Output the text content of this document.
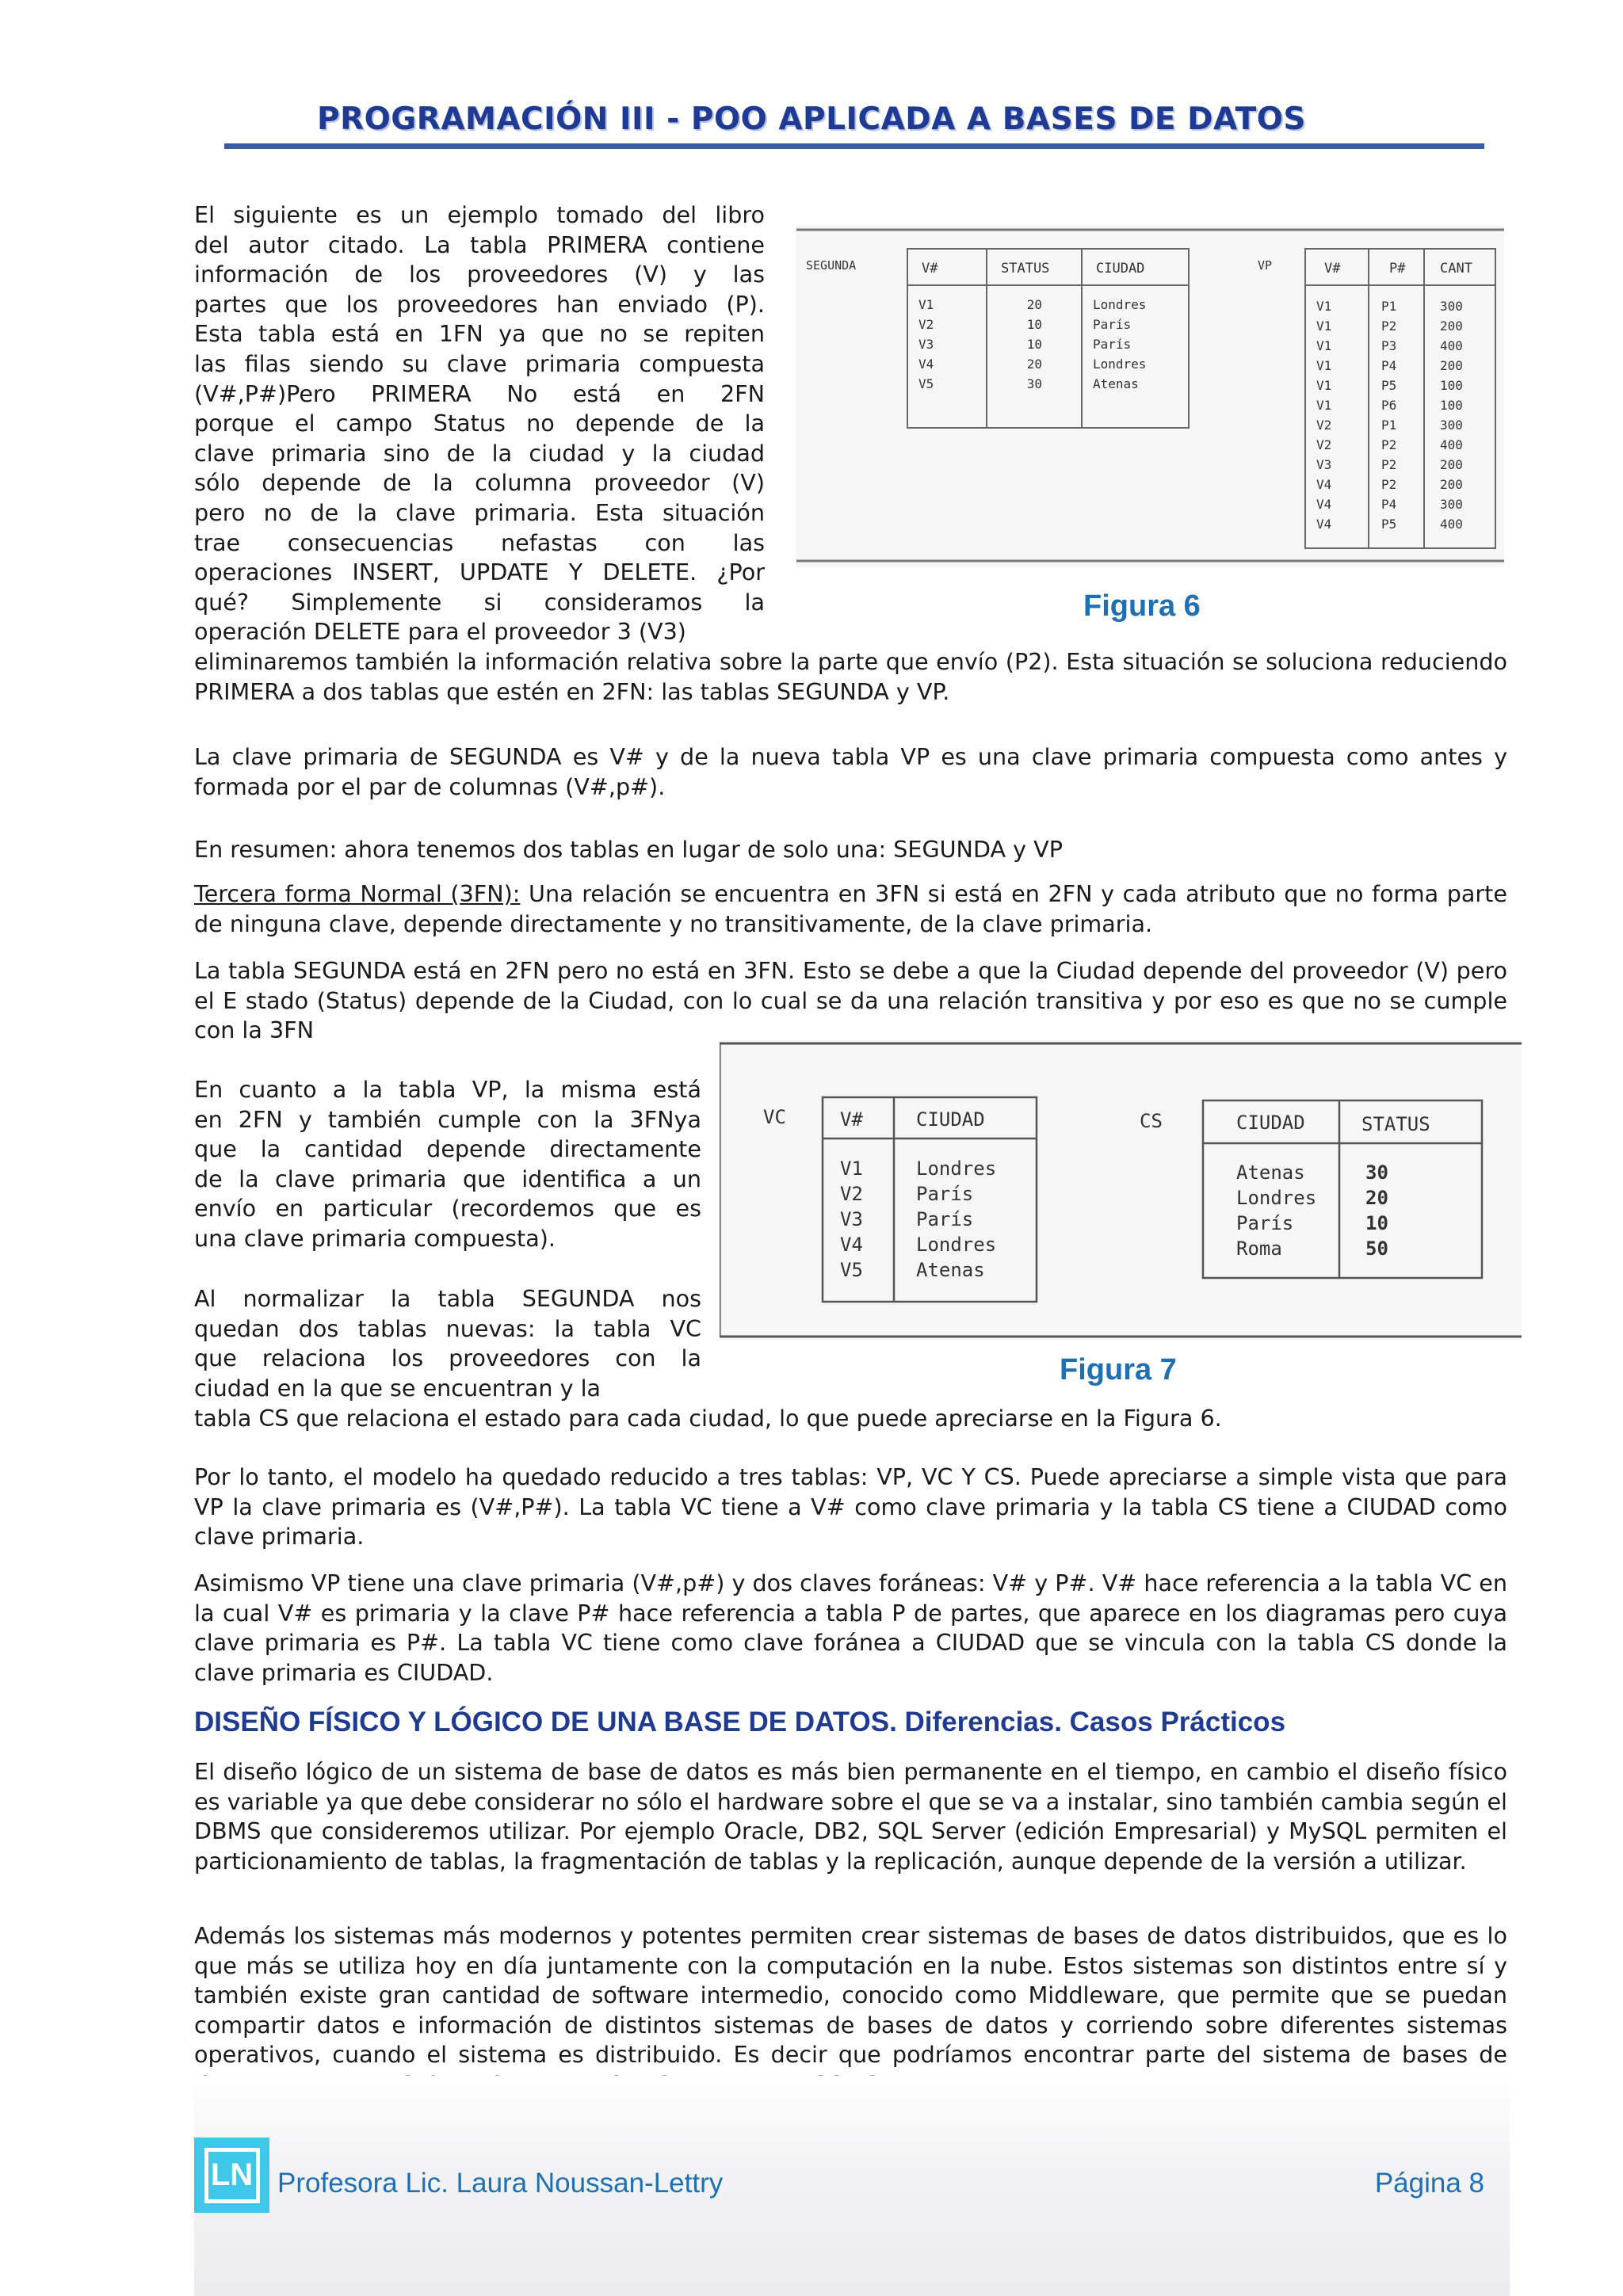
PROGRAMACIÓN III - POO APLICADA A BASES DE DATOS
El siguiente es un ejemplo tomado del libro
del autor citado. La tabla PRIMERA contiene
información de los proveedores (V) y las
partes que los proveedores han enviado (P).
Esta tabla está en 1FN ya que no se repiten
las filas siendo su clave primaria compuesta
(V#,P#)Pero PRIMERA No está en 2FN
porque el campo Status no depende de la
clave primaria sino de la ciudad y la ciudad
sólo depende de la columna proveedor (V)
pero no de la clave primaria. Esta situación
trae consecuencias nefastas con las
operaciones INSERT, UPDATE Y DELETE. ¿Por
qué? Simplemente si consideramos la
operación DELETE para el proveedor 3 (V3)
eliminaremos también la información relativa sobre la parte que envío (P2). Esta situación se soluciona reduciendo PRIMERA a dos tablas que estén en 2FN: las tablas SEGUNDA y VP.
SEGUNDA	V#	STATUS	CIUDAD
V1	20	Londres
V2	10	París
V3	10	París
V4	20	Londres
V5	30	Atenas
VP	V#	P#	CANT
V1	P1	300
V1	P2	200
V1	P3	400
V1	P4	200
V1	P5	100
V1	P6	100
V2	P1	300
V2	P2	400
V3	P2	200
V4	P2	200
V4	P4	300
V4	P5	400
Figura 6
La clave primaria de SEGUNDA es V# y de la nueva tabla VP es una clave primaria compuesta como antes y formada por el par de columnas (V#,p#).
En resumen: ahora tenemos dos tablas en lugar de solo una: SEGUNDA y VP
Tercera forma Normal (3FN): Una relación se encuentra en 3FN si está en 2FN y cada atributo que no forma parte de ninguna clave, depende directamente y no transitivamente, de la clave primaria.
La tabla SEGUNDA está en 2FN pero no está en 3FN. Esto se debe a que la Ciudad depende del proveedor (V) pero el E stado (Status) depende de la Ciudad, con lo cual se da una relación transitiva y por eso es que no se cumple con la 3FN
En cuanto a la tabla VP, la misma está
en 2FN y también cumple con la 3FNya
que la cantidad depende directamente
de la clave primaria que identifica a un
envío en particular (recordemos que es
una clave primaria compuesta).
Al normalizar la tabla SEGUNDA nos
quedan dos tablas nuevas: la tabla VC
que relaciona los proveedores con la
ciudad en la que se encuentran y la
tabla CS que relaciona el estado para cada ciudad, lo que puede apreciarse en la Figura 6.
VC	V#	CIUDAD
V1	Londres
V2	París
V3	París
V4	Londres
V5	Atenas
CS	CIUDAD	STATUS
Atenas	30
Londres	20
París	10
Roma	50
Figura 7
Por lo tanto, el modelo ha quedado reducido a tres tablas: VP, VC Y CS. Puede apreciarse a simple vista que para VP la clave primaria es (V#,P#). La tabla VC tiene a V# como clave primaria y la tabla CS tiene a CIUDAD como clave primaria.
Asimismo VP tiene una clave primaria (V#,p#) y dos claves foráneas: V# y P#. V# hace referencia a la tabla VC en la cual V# es primaria y la clave P# hace referencia a tabla P de partes, que aparece en los diagramas pero cuya clave primaria es P#. La tabla VC tiene como clave foránea a CIUDAD que se vincula con la tabla CS donde la clave primaria es CIUDAD.
DISEÑO FÍSICO Y LÓGICO DE UNA BASE DE DATOS. Diferencias. Casos Prácticos
El diseño lógico de un sistema de base de datos es más bien permanente en el tiempo, en cambio el diseño físico es variable ya que debe considerar no sólo el hardware sobre el que se va a instalar, sino también cambia según el DBMS que consideremos utilizar. Por ejemplo Oracle, DB2, SQL Server (edición Empresarial) y MySQL permiten el particionamiento de tablas, la fragmentación de tablas y la replicación, aunque depende de la versión a utilizar.
Además los sistemas más modernos y potentes permiten crear sistemas de bases de datos distribuidos, que es lo que más se utiliza hoy en día juntamente con la computación en la nube. Estos sistemas son distintos entre sí y también existe gran cantidad de software intermedio, conocido como Middleware, que permite que se puedan compartir datos e información de distintos sistemas de bases de datos y corriendo sobre diferentes sistemas operativos, cuando el sistema es distribuido. Es decir que podríamos encontrar parte del sistema de bases de
LN Profesora Lic. Laura Noussan-Lettry	Página 8
